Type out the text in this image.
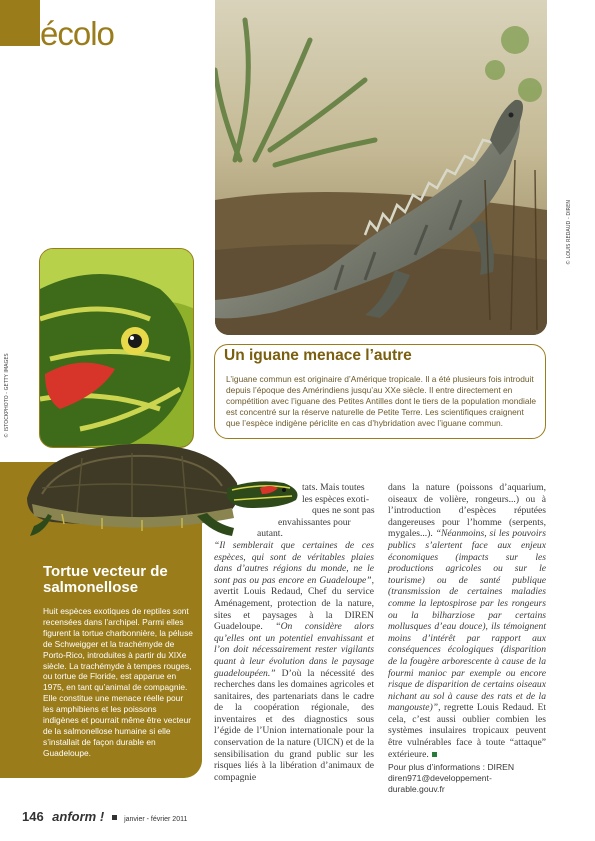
écolo
© LOUIS REDAUD - DIREN
Un iguane menace l’autre
L’iguane commun est originaire d’Amérique tropicale. Il a été plusieurs fois introduit depuis l’époque des Amérindiens jusqu’au XXe siècle. Il entre directement en compétition avec l’iguane des Petites Antilles dont le tiers de la population mondiale est concentré sur la réserve naturelle de Petite Terre. Les scientifiques craignent que l’espèce indigène périclite en cas d’hybridation avec l’iguane commun.
© ISTOCKPHOTO - GETTY IMAGES
Tortue vecteur de salmonellose
Huit espèces exotiques de reptiles sont recensées dans l’archipel. Parmi elles figurent la tortue charbonnière, la péluse de Schweigger et la trachémyde de Porto-Rico, introduites à partir du XIXe siècle. La trachémyde à tempes rouges, ou tortue de Floride, est apparue en 1975, en tant qu’animal de compagnie. Elle constitue une menace réelle pour les amphibiens et les poissons indigènes et pourrait même être vecteur de la salmonellose humaine si elle s’installait de façon durable en Guadeloupe.
tats. Mais toutes
les espèces exoti-
ques ne sont pas
envahissantes pour

autant.

“Il semblerait que certaines de ces espèces, qui sont de véritables plaies dans d’autres régions du monde, ne le sont pas ou pas encore en Guadeloupe”, avertit Louis Redaud, Chef du service Aménagement, protection de la nature, sites et paysages à la DIREN Guadeloupe. “On considère alors qu’elles ont un potentiel envahissant et l’on doit nécessairement rester vigilants quant à leur évolution dans le paysage guadeloupéen.” D’où la nécessité des recherches dans les domaines agricoles et sanitaires, des partenariats dans le cadre de la coopération régionale, des inventaires et des diagnostics sous l’égide de l’Union internationale pour la conservation de la nature (UICN) et de la sensibilisation du grand public sur les risques liés à la libération d’animaux de compagnie

dans la nature (poissons d’aquarium, oiseaux de volière, rongeurs...) ou à l’introduction d’espèces réputées dangereuses pour l’homme (serpents, mygales...). “Néanmoins, si les pouvoirs publics s’alertent face aux enjeux économiques (impacts sur les productions agricoles ou sur le tourisme) ou de santé publique (transmission de certaines maladies comme la leptospirose par les rongeurs ou la bilharziose par certains mollusques d’eau douce), ils témoignent moins d’intérêt par rapport aux conséquences écologiques (disparition de la fougère arborescente à cause de la fourmi manioc par exemple ou encore risque de disparition de certains oiseaux nichant au sol à cause des rats et de la mangouste)”, regrette Louis Redaud. Et cela, c’est aussi oublier combien les systèmes insulaires tropicaux peuvent être vulnérables face à toute “attaque” extérieure.

Pour plus d’informations : DIREN
diren971@developpement-durable.gouv.fr
146 anform !	janvier - février 2011
